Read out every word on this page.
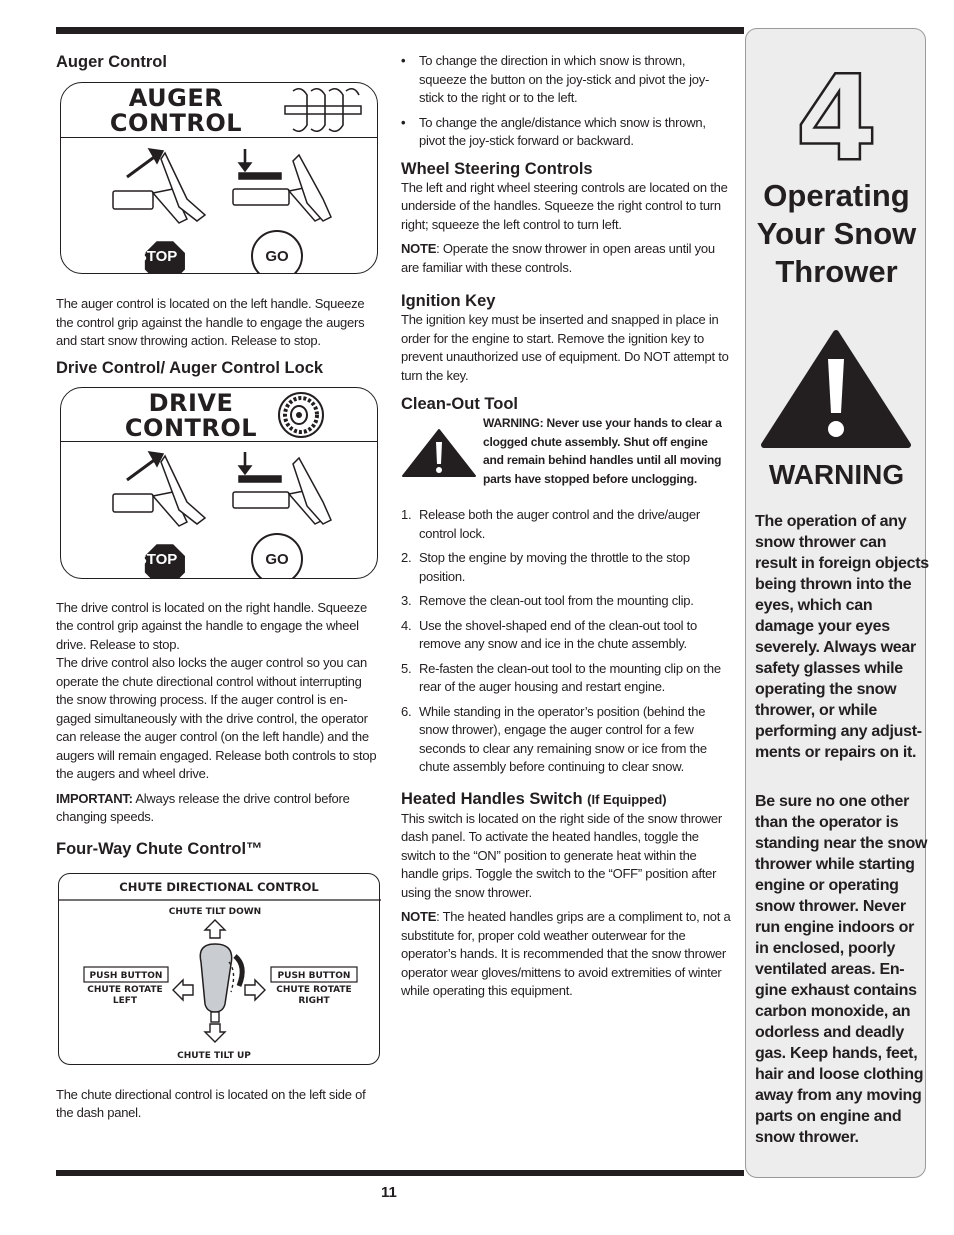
Auger Control
AUGER
CONTROL
STOP	GO

The auger control is located on the left handle. Squeeze the control grip against the handle to engage the augers and start snow throwing action. Release to stop.

Drive Control/ Auger Control Lock
DRIVE
CONTROL
STOP	GO

The drive control is located on the right handle. Squeeze the control grip against the handle to engage the wheel drive. Release to stop.

The drive control also locks the auger control so you can operate the chute directional control without interrupting the snow throwing process. If the auger control is en-gaged simultaneously with the drive control, the operator can release the auger control (on the left handle) and the augers will remain engaged. Release both controls to stop the augers and wheel drive.

IMPORTANT: Always release the drive control before changing speeds.

Four-Way Chute Control™
CHUTE DIRECTIONAL CONTROL
CHUTE TILT DOWN
CHUTE TILT UP
PUSH BUTTON
CHUTE ROTATE
LEFT
PUSH BUTTON
CHUTE ROTATE
RIGHT

The chute directional control is located on the left side of the dash panel.

• To change the direction in which snow is thrown, squeeze the button on the joy-stick and pivot the joy-stick to the right or to the left.
• To change the angle/distance which snow is thrown, pivot the joy-stick forward or backward.
Wheel Steering Controls

The left and right wheel steering controls are located on the underside of the handles. Squeeze the right control to turn right; squeeze the left control to turn left.

NOTE: Operate the snow thrower in open areas until you are familiar with these controls.

Ignition Key

The ignition key must be inserted and snapped in place in order for the engine to start. Remove the ignition key to prevent unauthorized use of equipment. Do NOT attempt to turn the key.

Clean-Out Tool

WARNING: Never use your hands to clear a clogged chute assembly. Shut off engine and remain behind handles until all moving parts have stopped before unclogging.

1. Release both the auger control and the drive/auger control lock.
2. Stop the engine by moving the throttle to the stop position.
3. Remove the clean-out tool from the mounting clip.
4. Use the shovel-shaped end of the clean-out tool to remove any snow and ice in the chute assembly.
5. Re-fasten the clean-out tool to the mounting clip on the rear of the auger housing and restart engine.
6. While standing in the operator’s position (behind the snow thrower), engage the auger control for a few seconds to clear any remaining snow or ice from the chute assembly before continuing to clear snow.
Heated Handles Switch (If Equipped)

This switch is located on the right side of the snow thrower dash panel. To activate the heated handles, toggle the switch to the “ON” position to generate heat within the handle grips. Toggle the switch to the “OFF” position after using the snow thrower.

NOTE: The heated handles grips are a compliment to, not a substitute for, proper cold weather outerwear for the operator’s hands. It is recommended that the snow thrower operator wear gloves/mittens to avoid extremities of winter while operating this equipment.

4
Operating
Your Snow
Thrower
WARNING
The operation of any snow thrower can result in foreign objects being thrown into the eyes, which can damage your eyes severely. Always wear safety glasses while operating the snow thrower, or while performing any adjust-ments or repairs on it.
Be sure no one other than the operator is standing near the snow thrower while starting engine or operating snow thrower. Never run engine indoors or in enclosed, poorly ventilated areas. En-gine exhaust contains carbon monoxide, an odorless and deadly gas. Keep hands, feet, hair and loose clothing away from any moving parts on engine and snow thrower.
11
